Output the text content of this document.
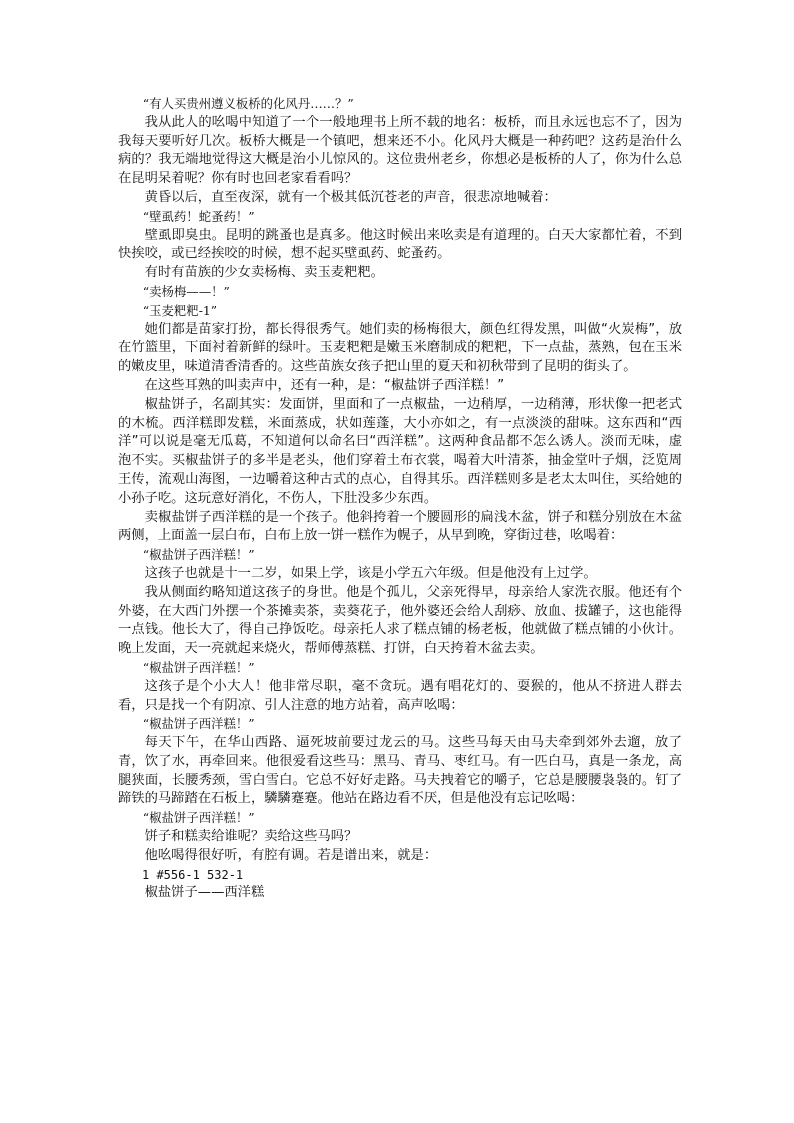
“有人买贵州遵义板桥的化风丹……？”

我从此人的吆喝中知道了一个一般地理书上所不载的地名：板桥，而且永远也忘不了，因为我每天要听好几次。板桥大概是一个镇吧，想来还不小。化风丹大概是一种药吧？这药是治什么病的？我无端地觉得这大概是治小儿惊风的。这位贵州老乡，你想必是板桥的人了，你为什么总在昆明呆着呢？你有时也回老家看看吗？

黄昏以后，直至夜深，就有一个极其低沉苍老的声音，很悲凉地喊着：

“壁虱药！蛇蚤药！”

壁虱即臭虫。昆明的跳蚤也是真多。他这时候出来吆卖是有道理的。白天大家都忙着，不到快挨咬，或已经挨咬的时候，想不起买壁虱药、蛇蚤药。

有时有苗族的少女卖杨梅、卖玉麦粑粑。

“卖杨梅——！”

“玉麦粑粑-1”

她们都是苗家打扮，都长得很秀气。她们卖的杨梅很大，颜色红得发黑，叫做“火炭梅”，放在竹篮里，下面衬着新鲜的绿叶。玉麦粑粑是嫩玉米磨制成的粑粑，下一点盐，蒸熟，包在玉米的嫩皮里，味道清香清香的。这些苗族女孩子把山里的夏天和初秋带到了昆明的街头了。

在这些耳熟的叫卖声中，还有一种，是：“椒盐饼子西洋糕！”

椒盐饼子，名副其实：发面饼，里面和了一点椒盐，一边稍厚，一边稍薄，形状像一把老式的木梳。西洋糕即发糕，米面蒸成，状如莲蓬，大小亦如之，有一点淡淡的甜味。这东西和“西洋”可以说是毫无瓜葛，不知道何以命名曰“西洋糕”。这两种食品都不怎么诱人。淡而无味，虚泡不实。买椒盐饼子的多半是老头，他们穿着土布衣裳，喝着大叶清茶，抽金堂叶子烟，泛览周王传，流观山海图，一边嚼着这种古式的点心，自得其乐。西洋糕则多是老太太叫住，买给她的小孙子吃。这玩意好消化，不伤人，下肚没多少东西。

卖椒盐饼子西洋糕的是一个孩子。他斜挎着一个腰圆形的扁浅木盆，饼子和糕分别放在木盆两侧，上面盖一层白布，白布上放一饼一糕作为幌子，从早到晚，穿街过巷，吆喝着：

“椒盐饼子西洋糕！”

这孩子也就是十一二岁，如果上学，该是小学五六年级。但是他没有上过学。

我从侧面约略知道这孩子的身世。他是个孤儿，父亲死得早，母亲给人家洗衣服。他还有个外婆，在大西门外摆一个茶摊卖茶，卖葵花子，他外婆还会给人刮痧、放血、拔罐子，这也能得一点钱。他长大了，得自己挣饭吃。母亲托人求了糕点铺的杨老板，他就做了糕点铺的小伙计。晚上发面，天一亮就起来烧火，帮师傅蒸糕、打饼，白天挎着木盆去卖。

“椒盐饼子西洋糕！”

这孩子是个小大人！他非常尽职，毫不贪玩。遇有唱花灯的、耍猴的，他从不挤进人群去看，只是找一个有阴凉、引人注意的地方站着，高声吆喝：

“椒盐饼子西洋糕！”

每天下午，在华山西路、逼死坡前要过龙云的马。这些马每天由马夫牵到郊外去遛，放了青，饮了水，再牵回来。他很爱看这些马：黑马、青马、枣红马。有一匹白马，真是一条龙，高腿狭面，长腰秀颈，雪白雪白。它总不好好走路。马夫拽着它的嚼子，它总是腰腰袅袅的。钉了蹄铁的马蹄踏在石板上，驎驎蹇蹇。他站在路边看不厌，但是他没有忘记吆喝：

“椒盐饼子西洋糕！”

饼子和糕卖给谁呢？卖给这些马吗？

他吆喝得很好听，有腔有调。若是谱出来，就是：

1 #556-1 532-1

椒盐饼子——西洋糕
